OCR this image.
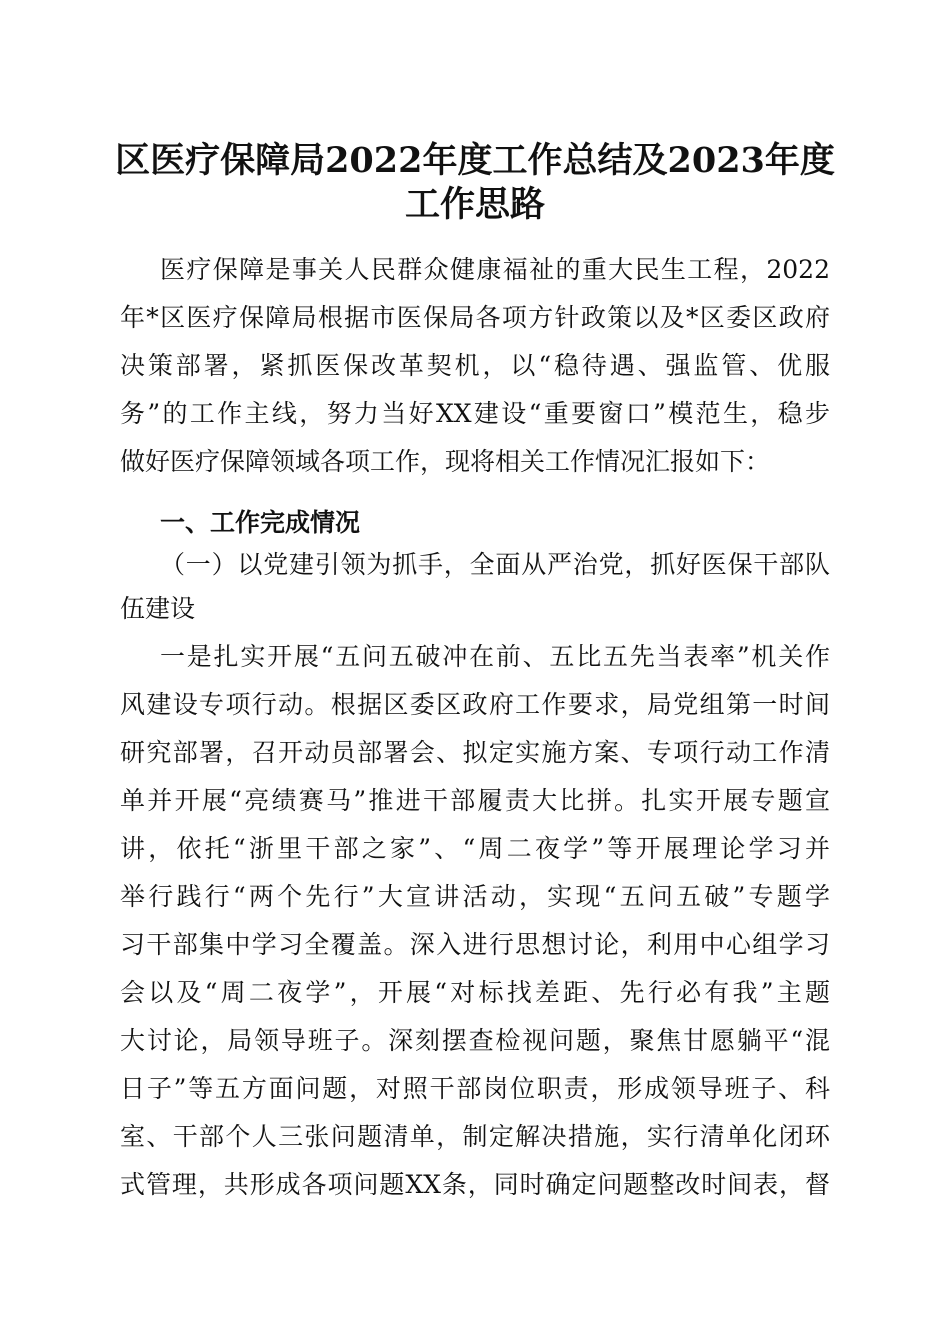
区医疗保障局2022年度工作总结及2023年度
工作思路
医疗保障是事关人民群众健康福祉的重大民生工程，2022
年*区医疗保障局根据市医保局各项方针政策以及*区委区政府
决策部署，紧抓医保改革契机，以“稳待遇、强监管、优服
务”的工作主线，努力当好XX建设“重要窗口”模范生，稳步
做好医疗保障领域各项工作，现将相关工作情况汇报如下：
一、工作完成情况
（一）以党建引领为抓手，全面从严治党，抓好医保干部队
伍建设
一是扎实开展“五问五破冲在前、五比五先当表率”机关作
风建设专项行动。根据区委区政府工作要求，局党组第一时间
研究部署，召开动员部署会、拟定实施方案、专项行动工作清
单并开展“亮绩赛马”推进干部履责大比拼。扎实开展专题宣
讲，依托“浙里干部之家”、“周二夜学”等开展理论学习并
举行践行“两个先行”大宣讲活动，实现“五问五破”专题学
习干部集中学习全覆盖。深入进行思想讨论，利用中心组学习
会以及“周二夜学”，开展“对标找差距、先行必有我”主题
大讨论，局领导班子。深刻摆查检视问题，聚焦甘愿躺平“混
日子”等五方面问题，对照干部岗位职责，形成领导班子、科
室、干部个人三张问题清单，制定解决措施，实行清单化闭环
式管理，共形成各项问题XX条，同时确定问题整改时间表，督
